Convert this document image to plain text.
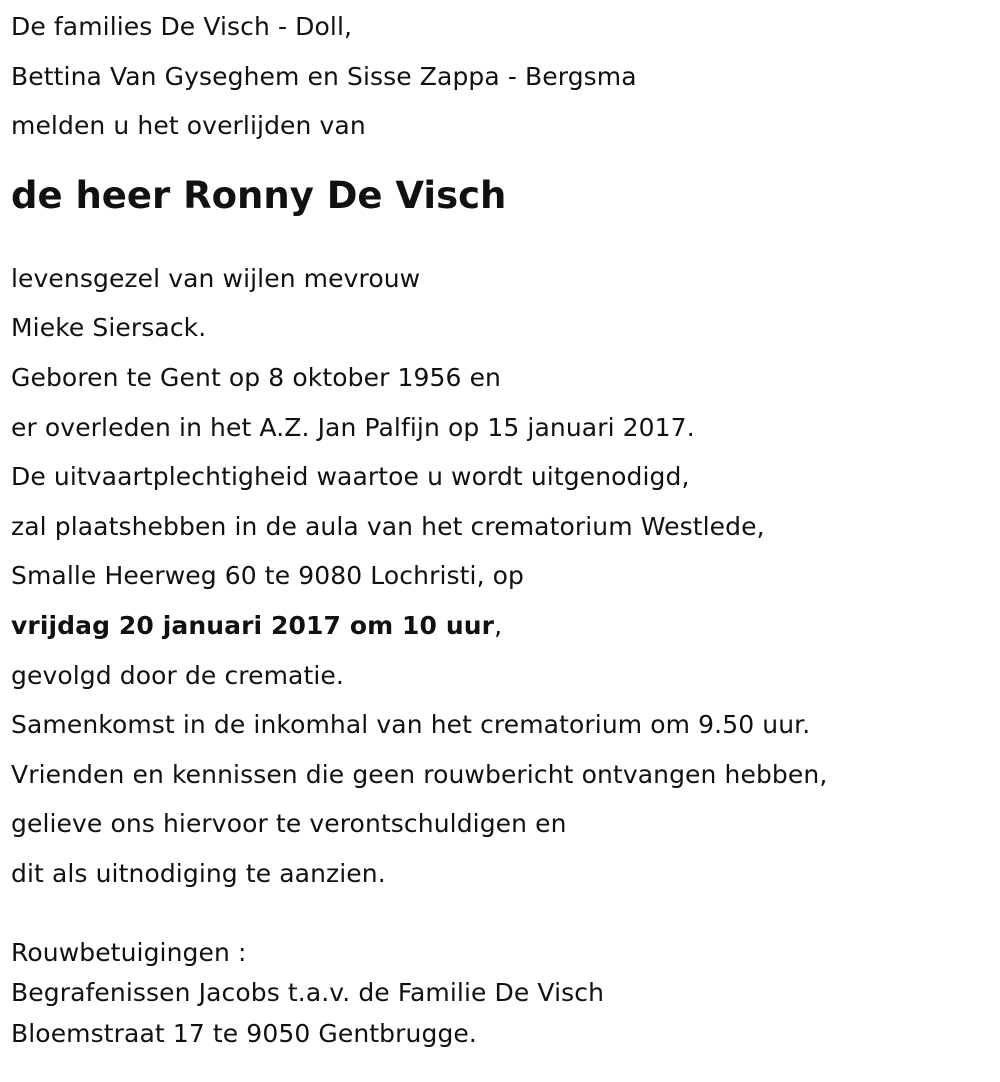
De families De Visch - Doll,
Bettina Van Gyseghem en Sisse Zappa - Bergsma
melden u het overlijden van
de heer Ronny De Visch
levensgezel van wijlen mevrouw
Mieke Siersack.
Geboren te Gent op 8 oktober 1956 en
er overleden in het A.Z. Jan Palfijn op 15 januari 2017.
De uitvaartplechtigheid waartoe u wordt uitgenodigd,
zal plaatshebben in de aula van het crematorium Westlede,
Smalle Heerweg 60 te 9080 Lochristi, op
vrijdag 20 januari 2017 om 10 uur,
gevolgd door de crematie.
Samenkomst in de inkomhal van het crematorium om 9.50 uur.
Vrienden en kennissen die geen rouwbericht ontvangen hebben,
gelieve ons hiervoor te verontschuldigen en
dit als uitnodiging te aanzien.
Rouwbetuigingen :
Begrafenissen Jacobs t.a.v. de Familie De Visch
Bloemstraat 17 te 9050 Gentbrugge.
